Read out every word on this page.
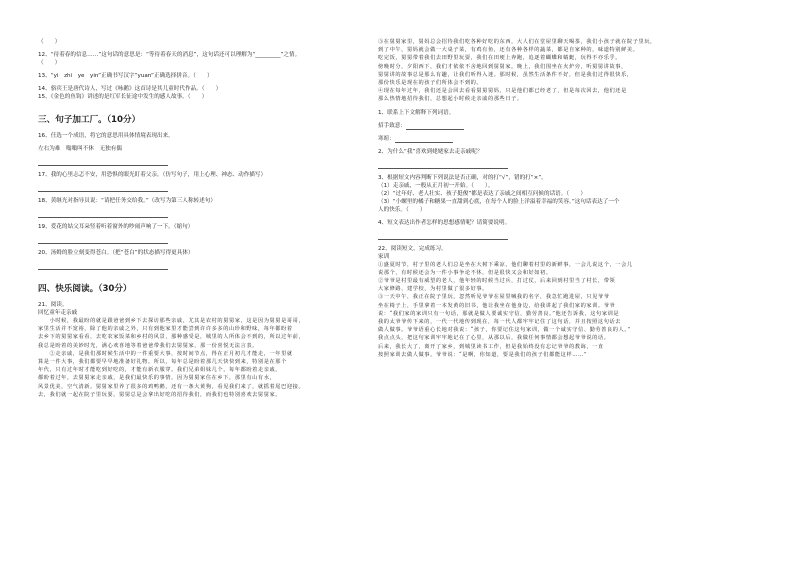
（　　）
12、“待着春的信息……”这句话的意思是：“等待着春天的消息”，这句话还可以理解为“_________”之情。
（　　）
13、“yi　zhi　ye　yin”正确书写汉字“yuan”正确选择拼音。（　　）
14、骆宾王是唐代诗人，写过《咏鹅》这首诗是其儿童时代作品。（　　）
15、《金色的鱼钩》讲述的是红军长征途中发生的感人故事。（　　）
三、句子加工厂。（10分）
16、任选一个成语，将它的意思用具体情境表现出来。
左右为难　嗡嗡叫不休　无独有偶
17、我的心里忐忑不安，用恐惧的眼光盯着父亲。（仿写句子，用上心理、神态、动作描写）
18、黄继光对指导员说：“请把任务交给我。”（改写为第三人称转述句）
19、爱花的姑父耳朵竖着听着窗外的吵闹声响了一下。（缩句）
20、汤姆的脸立刻变得苍白。（把“苍白”的状态描写得更具体）
四、快乐阅读。（30分）
21、阅读。
回忆童年走亲戚
　　小时候，我最盼的就是跟爸爸到乡下去探访那些亲戚，尤其是农村的舅舅家，这是因为舅舅是哥哥，
家里生活并不宽裕，除了他的亲戚之外，只有到他家里才能尝到许许多多的山珍和野味，每年都盼着
去乡下的舅舅家看看，去吃农家饭菜和乡村的风景，那种感受是，城里的人所体会不到的，所以过年前，
我总是盼着的美妙时光，满心欢喜地等着爸爸带我们去舅舅家，那一份喜悦无法言表。
　　②走亲戚，是我们那时候生活中的一件重要大事，按时间节点，得在正月初几才能走，一年里就
算是一件大事，我们都要早早地准备好礼物。所以，每年总是盼着那几天快快到来，特别是在那个
年代，只有过年时才能吃到好吃的，才能有新衣服穿。我们兄弟姐妹几个，每年都盼着走亲戚，
都盼着过年，去舅舅家走亲戚，是我们最快乐的事情。因为舅舅家住在乡下，那里有山有水，
风景优美，空气清新。舅舅家里养了很多的鸡鸭鹅，还有一条大黄狗，看见我们来了，就摇着尾巴迎接。
去，我们就一起在院子里玩耍。舅舅总是会拿出好吃的招待我们，而我们也特别喜欢去舅舅家。
③在舅舅家里，舅妈总会招待我们吃各种好吃的东西，大人们在堂屋里聊天喝茶，我们小孩子就在院子里玩，
到了中午，舅妈就会做一大桌子菜，有鸡有鱼，还有各种各样的蔬菜，都是自家种的，味道特别鲜美。
吃完饭，舅舅带着我们去田野里玩耍，我们在田埂上奔跑，追逐着蝴蝶和蜻蜓，玩得不亦乐乎。
傍晚时分，夕阳西下，我们才依依不舍地回到舅舅家。晚上，我们围坐在火炉旁，听舅舅讲故事，
舅舅讲的故事总是那么有趣，让我们听得入迷。那时候，虽然生活条件不好，但是我们过得很快乐，
那份快乐是现在的孩子们所体会不到的。
④现在每年过年，我们还是会回去看看舅舅舅妈，只是他们都已经老了，但是每次回去，他们还是
那么热情地招待我们，总想起小时候走亲戚的那些日子。
1、联系上下文解释下列词语。
招手致意：
寒暄：
2、为什么“我”喜欢到姥姥家去走亲戚呢？
3、根据短文内容判断下列说法是否正确，对的打“√”，错的打“×”。
（1）走亲戚，一般从正月初一开始。（　　）。
（2）“过年好、老人壮实、孩子挺俊”都是表达了亲戚之间相互问候的话语。（　　）
（3）“小螺里的橘子和糖果一直甜到心底，在每个人的脸上洋溢着幸福的笑容。”这句话表达了一个
人的快乐。（　　）
4、短文表达出作者怎样的思想感情呢？请简要说明。
22、阅读短文，完成练习。
家训
①盛夏时节，村子里的老人们总是坐在大树下乘凉，他们聊着村里的新鲜事，一会儿说这个，一会儿
说那个，有时候还会为一件小事争论不休，但是很快又会和好如初。
②爷爷是村里最有威望的老人，他年轻的时候当过兵，打过仗，后来回到村里当了村长，带领
大家修路、建学校，为村里做了很多好事。
③一天中午，我正在院子里玩，忽然听见爷爷在屋里喊我的名字，我急忙跑进屋，只见爷爷
坐在椅子上，手里拿着一本发黄的旧书，他让我坐在他身边，给我讲起了我们家的家训。爷爷
说：“我们家的家训只有一句话，那就是做人要诚实守信，勤劳善良。”他还告诉我，这句家训是
我的太爷爷传下来的，一代一代地传到现在，每一代人都牢牢记住了这句话，并且按照这句话去
做人做事。爷爷语重心长地对我说：“孩子，你要记住这句家训，做一个诚实守信、勤劳善良的人。”
我点点头，把这句家训牢牢地记在了心里，从那以后，我做任何事情都会想起爷爷说的话。
后来，我长大了，离开了家乡，到城里读书工作，但是我始终没有忘记爷爷的教诲，一直
按照家训去做人做事。爷爷说：“是啊，你知道，要是我们的孩子们都能这样……”
